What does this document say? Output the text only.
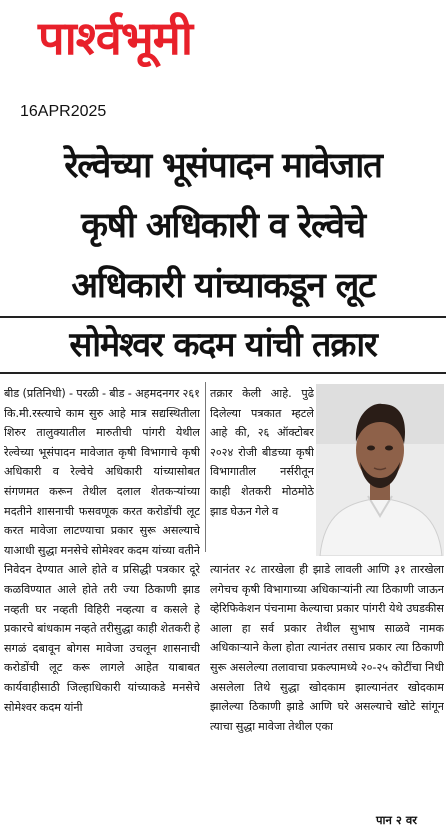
पार्श्वभूमी
16APR2025
रेल्वेच्या भूसंपादन मावेजात
कृषी अधिकारी व रेल्वेचे
अधिकारी यांच्याकडून लूट
सोमेश्वर कदम यांची तक्रार
बीड (प्रतिनिधी) - परळी - बीड - अहमदनगर २६१ कि.मी.रस्त्याचे काम सुरु आहे मात्र सद्यस्थितीला शिरुर तालुक्यातील मारुतीची पांगरी येथील रेल्वेच्या भूसंपादन मावेजात कृषी विभागाचे कृषी अधिकारी व रेल्वेचे अधिकारी यांच्यासोबत संगणमत करून तेथील दलाल शेतकऱ्यांच्या मदतीने शासनाची फसवणूक करत करोडोंची लूट करत मावेजा लाटण्याचा प्रकार सुरू असल्याचे याआधी सुद्धा मनसेचे सोमेश्वर कदम यांच्या वतीने निवेदन देण्यात आले होते व प्रसिद्धी पत्रकार दूरे कळविण्यात आले होते तरी ज्या ठिकाणी झाड नव्हती घर नव्हती विहिरी नव्हत्या व कसले हे प्रकारचे बांधकाम नव्हते तरीसुद्धा काही शेतकरी हे सगळं दबावून बोगस मावेजा उचलून शासनाची करोडोंची लूट करू लागले आहेत याबाबत कार्यवाहीसाठी जिल्हाधिकारी यांच्याकडे मनसेचे सोमेश्वर कदम यांनी
तक्रार केली आहे. पुढे दिलेल्या पत्रकात म्हटले आहे की, २६ ऑक्टोबर २०२४ रोजी बीडच्या कृषी विभागातील नर्सरीतून काही शेतकरी मोठमोठे झाड घेऊन गेले व
त्यानंतर २८ तारखेला ही झाडे लावली आणि ३१ तारखेला लगेचच कृषी विभागाच्या अधिकाऱ्यांनी त्या ठिकाणी जाऊन व्हेरिफिकेशन पंचनामा केल्याचा प्रकार पांगरी येथे उघडकीस आला हा सर्व प्रकार तेथील सुभाष साळवे नामक अधिकाऱ्याने केला होता त्यानंतर तसाच प्रकार त्या ठिकाणी सुरू असलेल्या तलावाचा प्रकल्पामध्ये २०-२५ कोटींचा निधी असलेला तिथे सुद्धा खोदकाम झाल्यानंतर खोदकाम झालेल्या ठिकाणी झाडे आणि घरे असल्याचे खोटे सांगून त्याचा सुद्धा मावेजा तेथील एका
पान २ वर
